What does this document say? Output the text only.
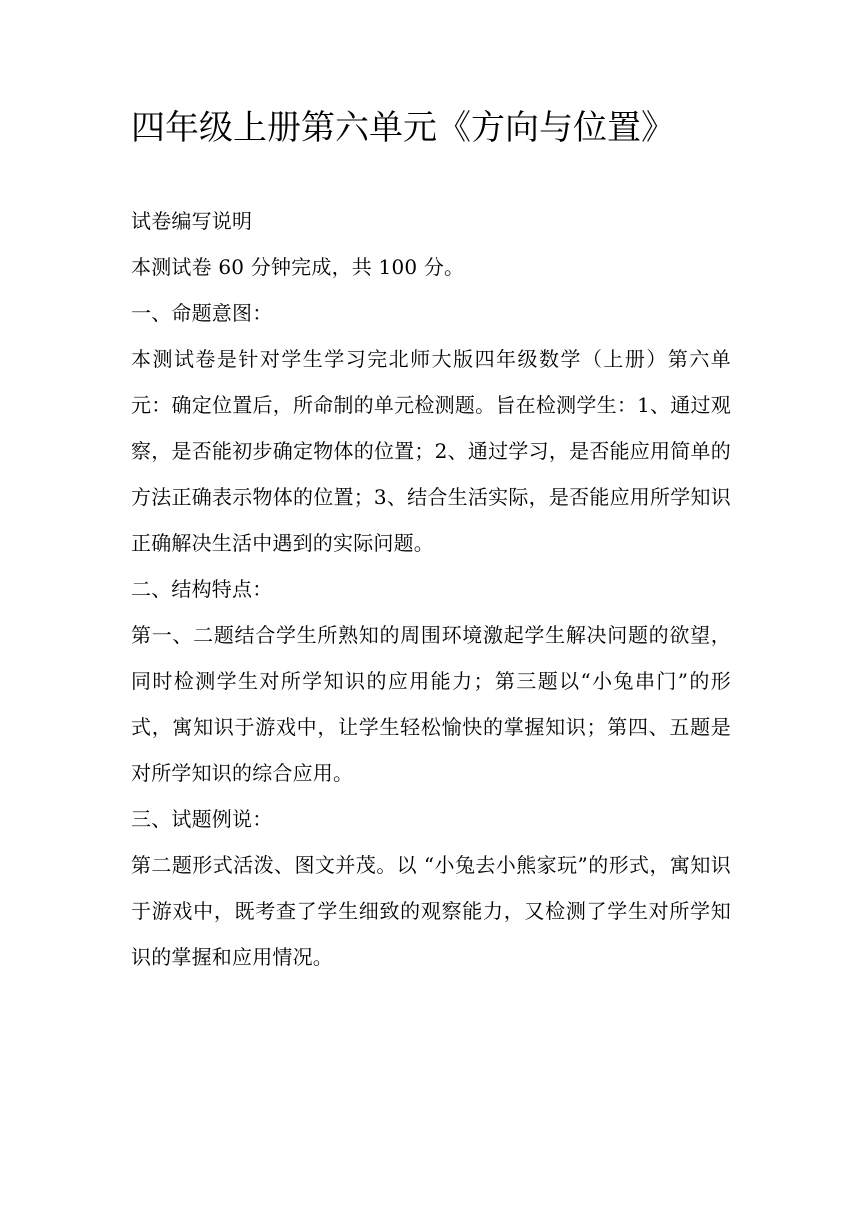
四年级上册第六单元《方向与位置》

试卷编写说明

本测试卷 60 分钟完成，共 100 分。

一、命题意图：

本测试卷是针对学生学习完北师大版四年级数学（上册）第六单元：确定位置后，所命制的单元检测题。旨在检测学生：1、通过观察，是否能初步确定物体的位置；2、通过学习，是否能应用简单的方法正确表示物体的位置；3、结合生活实际，是否能应用所学知识正确解决生活中遇到的实际问题。

二、结构特点：

第一、二题结合学生所熟知的周围环境激起学生解决问题的欲望，同时检测学生对所学知识的应用能力；第三题以“小兔串门”的形式，寓知识于游戏中，让学生轻松愉快的掌握知识；第四、五题是对所学知识的综合应用。

三、试题例说：

第二题形式活泼、图文并茂。以 “小兔去小熊家玩”的形式，寓知识于游戏中，既考查了学生细致的观察能力，又检测了学生对所学知识的掌握和应用情况。
